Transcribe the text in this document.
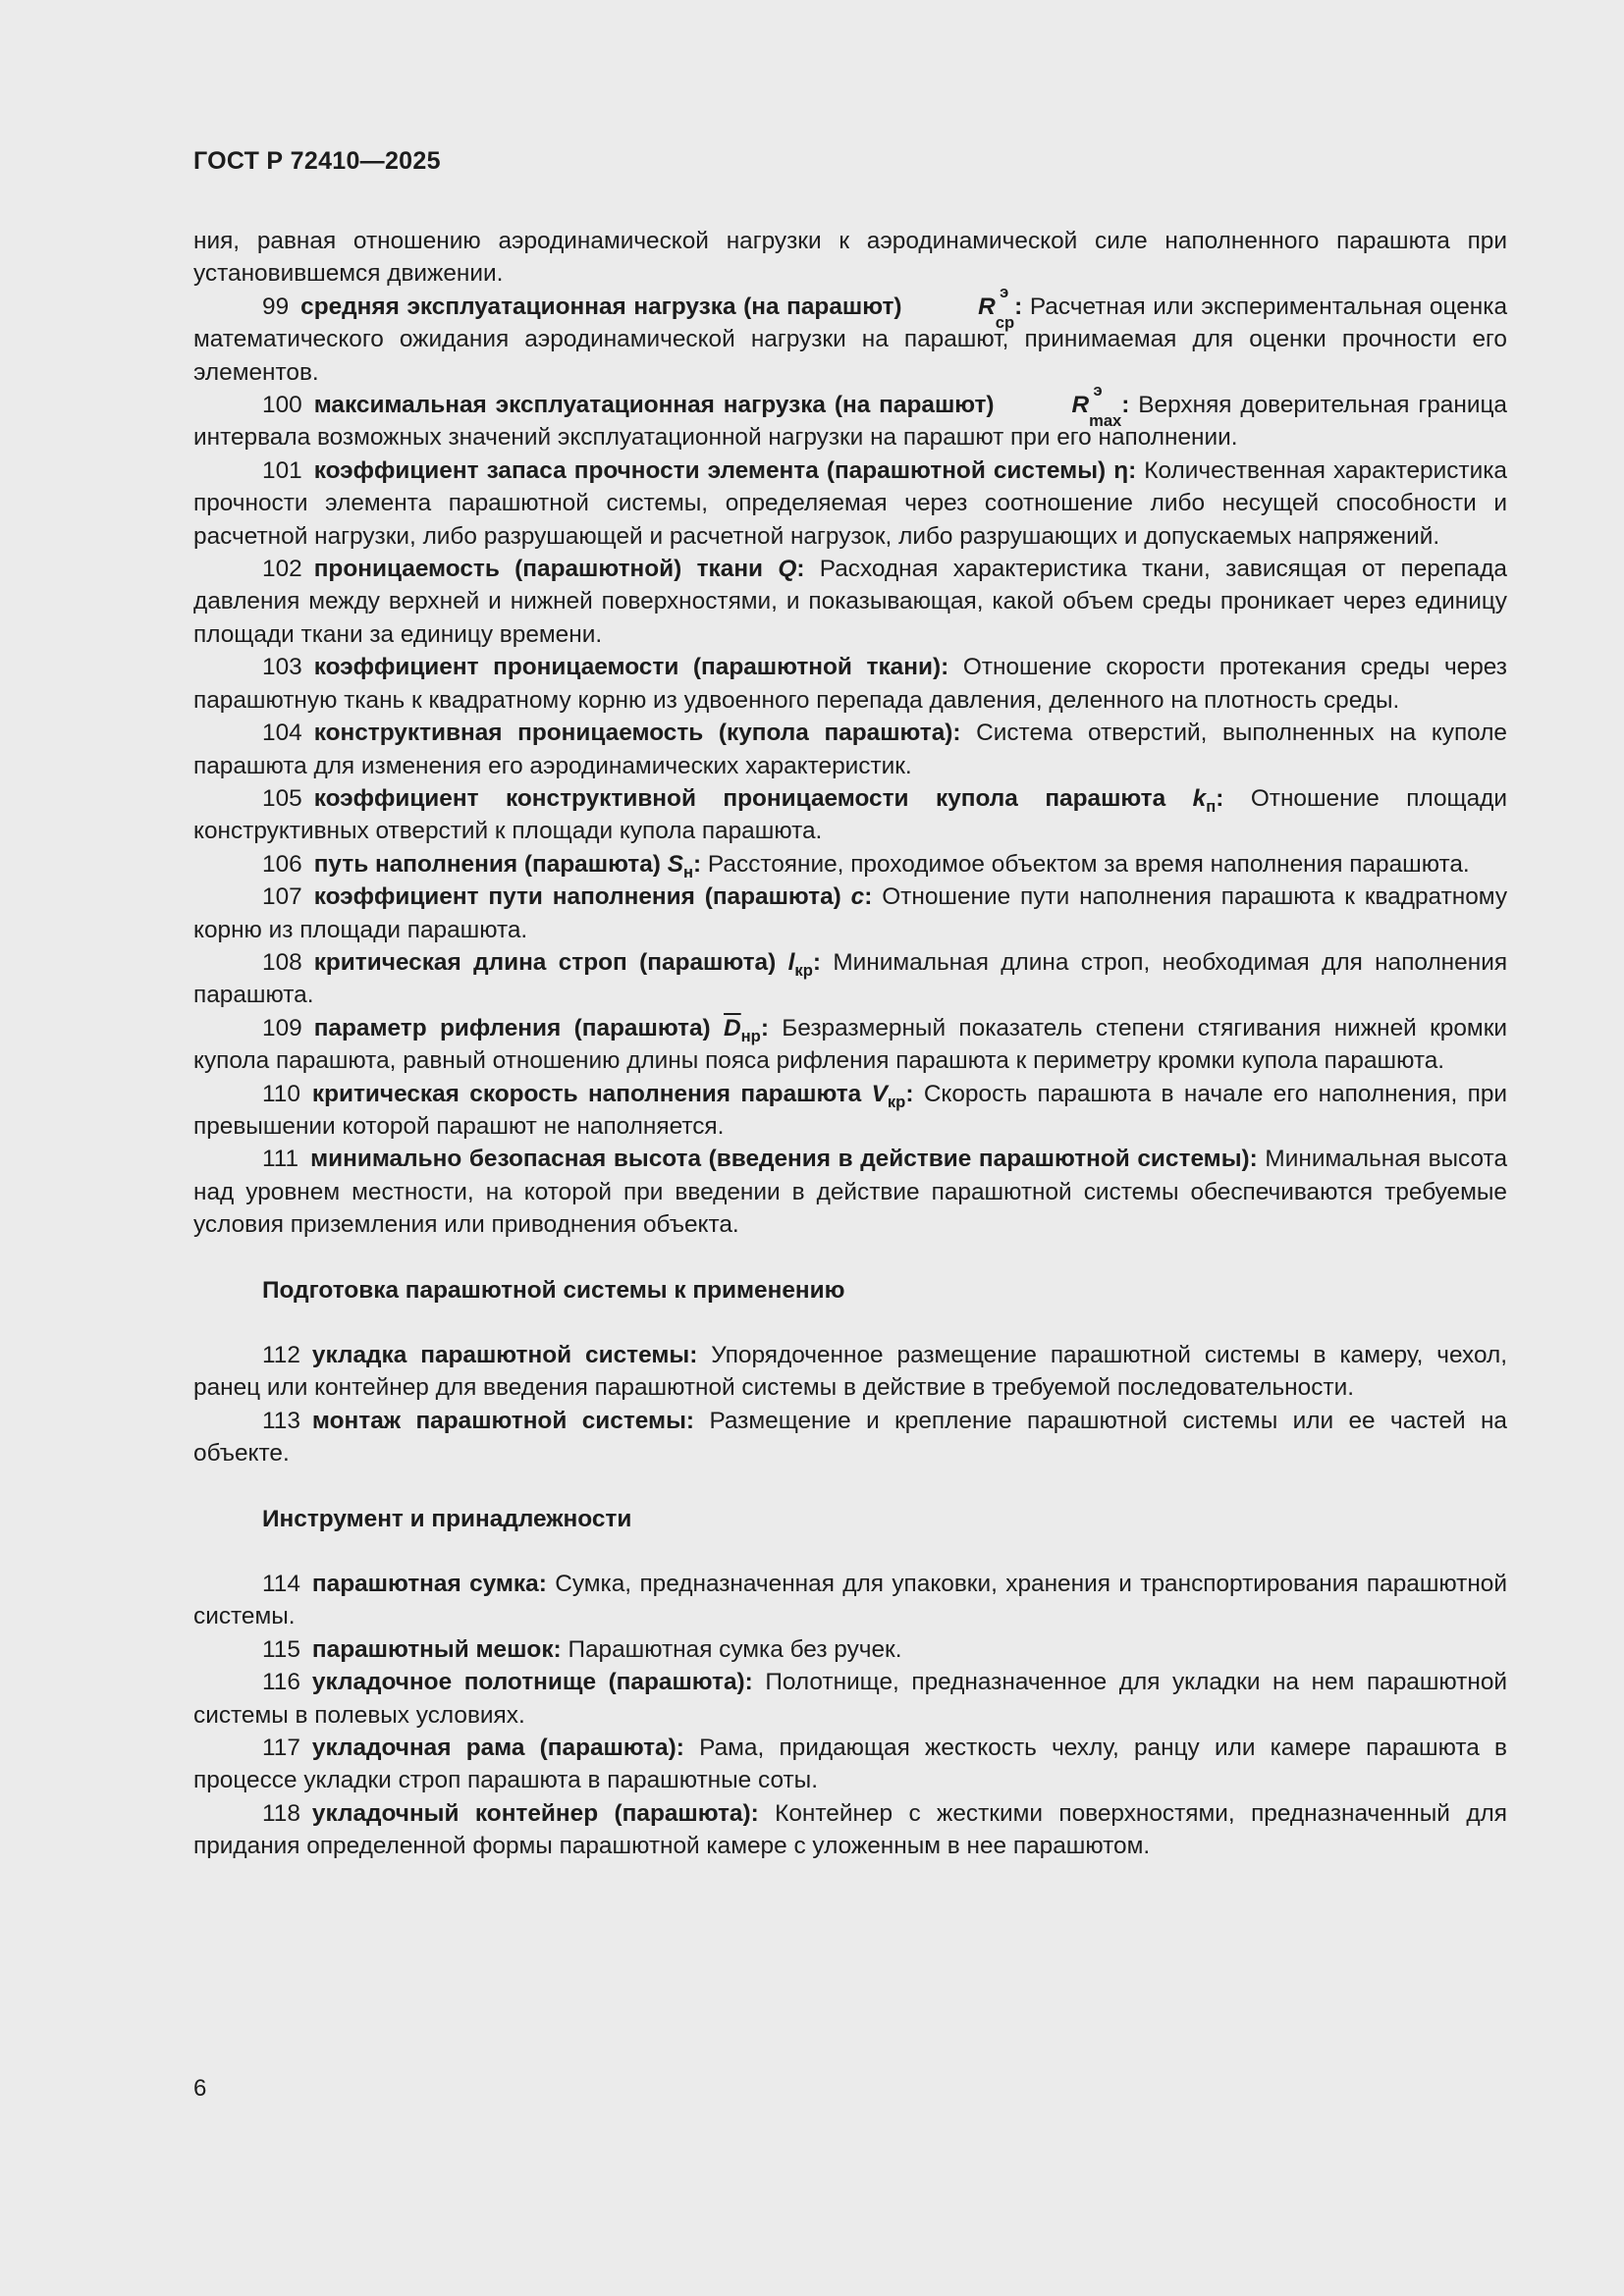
ГОСТ Р 72410—2025

ния, равная отношению аэродинамической нагрузки к аэродинамической силе наполненного парашюта при установившемся движении.

99 средняя эксплуатационная нагрузка (на парашют)	R
э
$_{ср}$: Расчетная или экспериментальная оценка математического ожидания аэродинамической нагрузки на парашют, принимаемая для оценки прочности его элементов.

100 максимальная эксплуатационная нагрузка (на парашют)	R
э
$_{max}$: Верхняя доверительная граница интервала возможных значений эксплуатационной нагрузки на парашют при его наполнении.

101 коэффициент запаса прочности элемента (парашютной системы) η: Количественная характеристика прочности элемента парашютной системы, определяемая через соотношение либо несущей способности и расчетной нагрузки, либо разрушающей и расчетной нагрузок, либо разрушающих и допускаемых напряжений.

102 проницаемость (парашютной) ткани Q: Расходная характеристика ткани, зависящая от перепада давления между верхней и нижней поверхностями, и показывающая, какой объем среды проникает через единицу площади ткани за единицу времени.

103 коэффициент проницаемости (парашютной ткани): Отношение скорости протекания среды через парашютную ткань к квадратному корню из удвоенного перепада давления, деленного на плотность среды.

104 конструктивная проницаемость (купола парашюта): Система отверстий, выполненных на куполе парашюта для изменения его аэродинамических характеристик.

105 коэффициент конструктивной проницаемости купола парашюта $k_п$: Отношение площади конструктивных отверстий к площади купола парашюта.

106 путь наполнения (парашюта) $S_н$: Расстояние, проходимое объектом за время наполнения парашюта.

107 коэффициент пути наполнения (парашюта) c: Отношение пути наполнения парашюта к квадратному корню из площади парашюта.

108 критическая длина строп (парашюта) $l_{кр}$: Минимальная длина строп, необходимая для наполнения парашюта.

109 параметр рифления (парашюта) $\overline{D}_{нр}$: Безразмерный показатель степени стягивания нижней кромки купола парашюта, равный отношению длины пояса рифления парашюта к периметру кромки купола парашюта.

110 критическая скорость наполнения парашюта $V_{кр}$: Скорость парашюта в начале его наполнения, при превышении которой парашют не наполняется.

111 минимально безопасная высота (введения в действие парашютной системы): Минимальная высота над уровнем местности, на которой при введении в действие парашютной системы обеспечиваются требуемые условия приземления или приводнения объекта.

Подготовка парашютной системы к применению

112 укладка парашютной системы: Упорядоченное размещение парашютной системы в камеру, чехол, ранец или контейнер для введения парашютной системы в действие в требуемой последовательности.

113 монтаж парашютной системы: Размещение и крепление парашютной системы или ее частей на объекте.

Инструмент и принадлежности

114 парашютная сумка: Сумка, предназначенная для упаковки, хранения и транспортирования парашютной системы.

115 парашютный мешок: Парашютная сумка без ручек.

116 укладочное полотнище (парашюта): Полотнище, предназначенное для укладки на нем парашютной системы в полевых условиях.

117 укладочная рама (парашюта): Рама, придающая жесткость чехлу, ранцу или камере парашюта в процессе укладки строп парашюта в парашютные соты.

118 укладочный контейнер (парашюта): Контейнер с жесткими поверхностями, предназначенный для придания определенной формы парашютной камере с уложенным в нее парашютом.

6
